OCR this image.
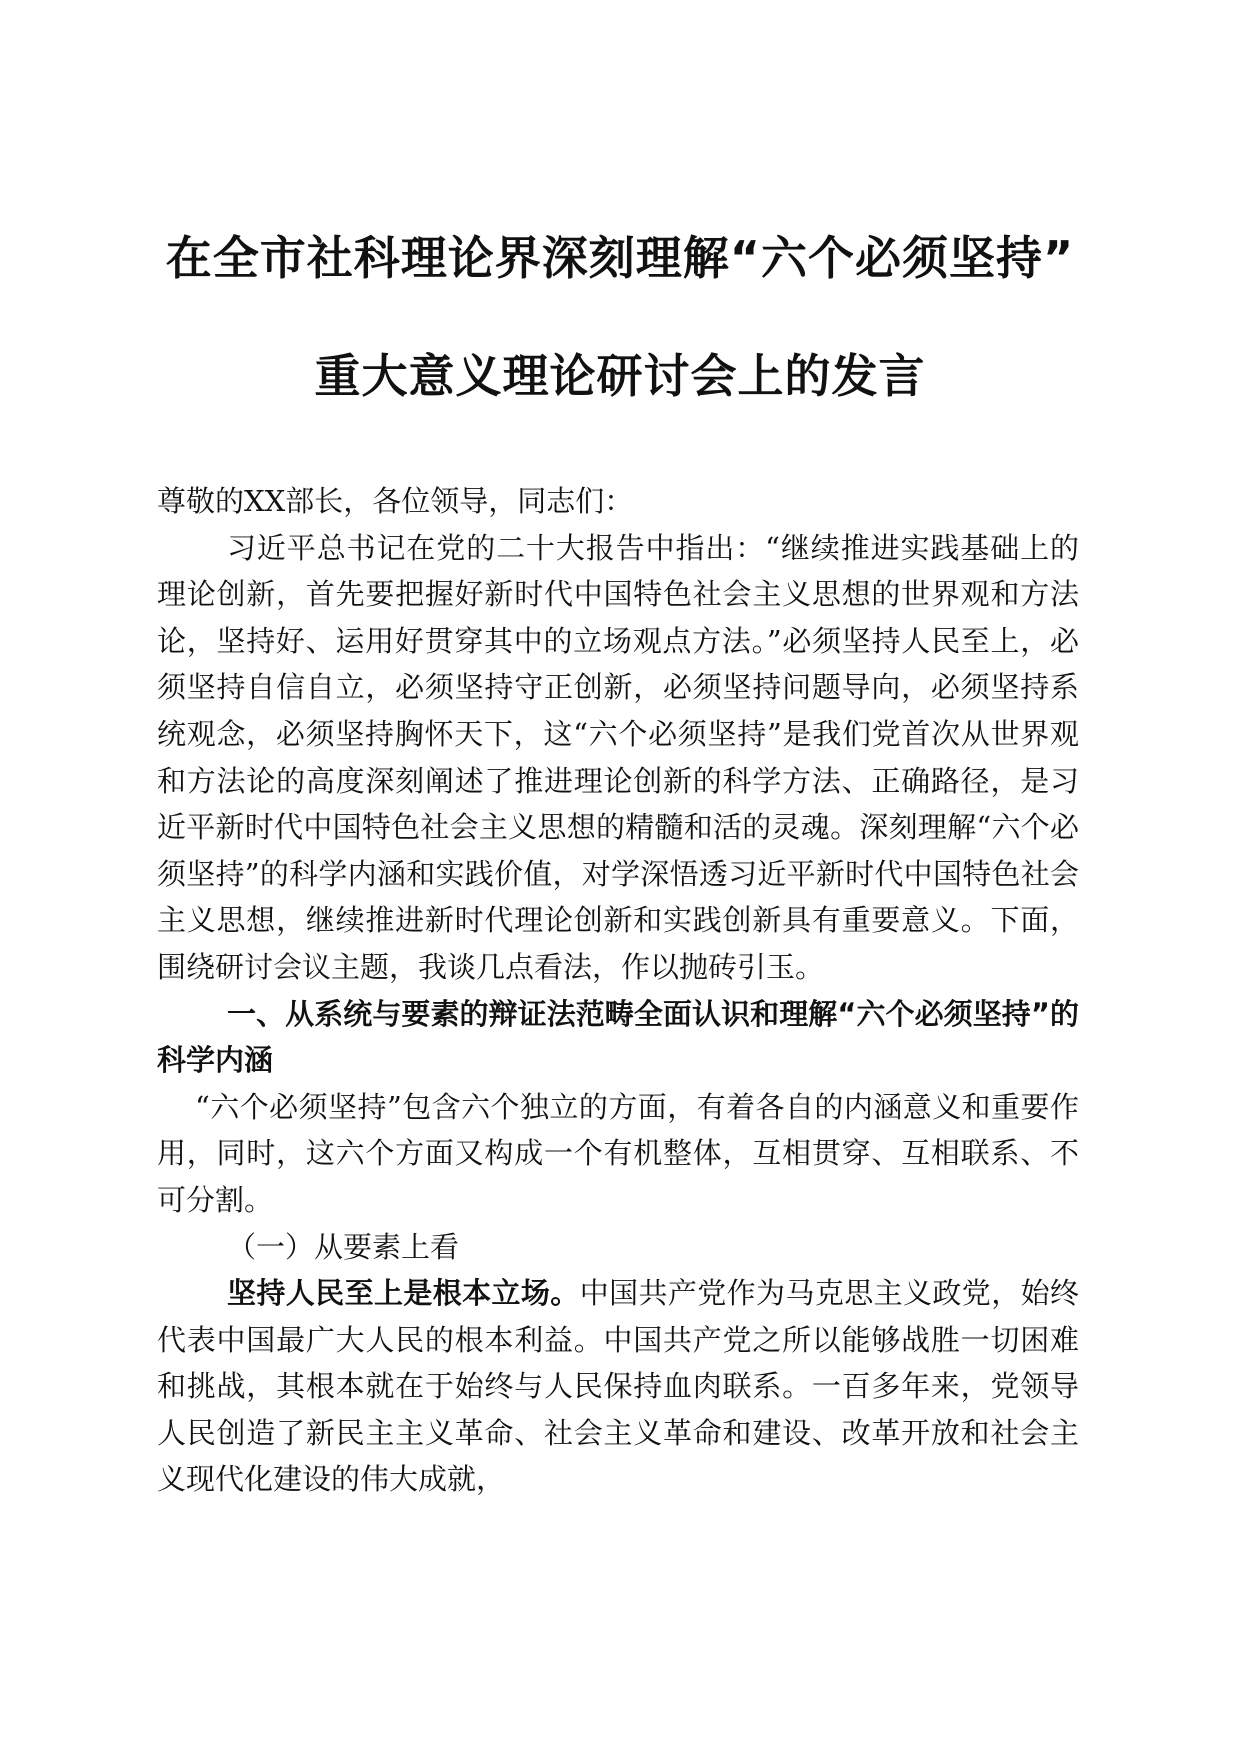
在全市社科理论界深刻理解“六个必须坚持”
重大意义理论研讨会上的发言

尊敬的XX部长，各位领导，同志们：

习近平总书记在党的二十大报告中指出：“继续推进实践基础上的理论创新，首先要把握好新时代中国特色社会主义思想的世界观和方法论，坚持好、运用好贯穿其中的立场观点方法。”必须坚持人民至上，必须坚持自信自立，必须坚持守正创新，必须坚持问题导向，必须坚持系统观念，必须坚持胸怀天下，这“六个必须坚持”是我们党首次从世界观和方法论的高度深刻阐述了推进理论创新的科学方法、正确路径，是习近平新时代中国特色社会主义思想的精髓和活的灵魂。深刻理解“六个必须坚持”的科学内涵和实践价值，对学深悟透习近平新时代中国特色社会主义思想，继续推进新时代理论创新和实践创新具有重要意义。下面，围绕研讨会议主题，我谈几点看法，作以抛砖引玉。

一、从系统与要素的辩证法范畴全面认识和理解“六个必须坚持”的科学内涵

“六个必须坚持”包含六个独立的方面，有着各自的内涵意义和重要作用，同时，这六个方面又构成一个有机整体，互相贯穿、互相联系、不可分割。

（一）从要素上看

坚持人民至上是根本立场。中国共产党作为马克思主义政党，始终代表中国最广大人民的根本利益。中国共产党之所以能够战胜一切困难和挑战，其根本就在于始终与人民保持血肉联系。一百多年来，党领导人民创造了新民主主义革命、社会主义革命和建设、改革开放和社会主义现代化建设的伟大成就，
